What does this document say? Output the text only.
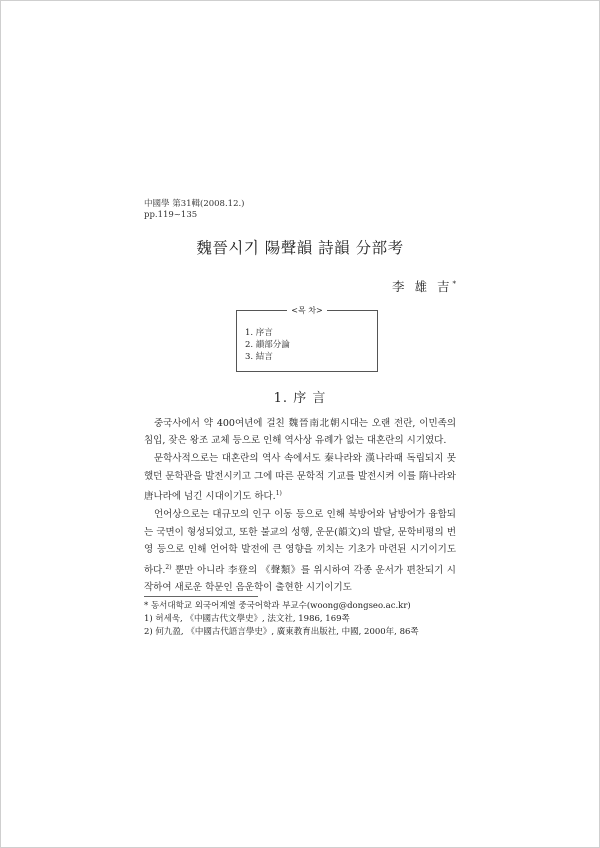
中國學 第31輯(2008.12.)
pp.119~135
魏晉시기 陽聲韻 詩韻 分部考
李 雄 吉*
<목 차>
1. 序言
2. 韻部分論
3. 結言
1. 序 言

중국사에서 약 400여년에 걸친 魏晉南北朝시대는 오랜 전란, 이민족의 침입, 잦은 왕조 교체 등으로 인해 역사상 유례가 없는 대혼란의 시기였다.

문학사적으로는 대혼란의 역사 속에서도 秦나라와 漢나라때 독립되지 못했던 문학관을 발전시키고 그에 따른 문학적 기교를 발전시켜 이를 隋나라와 唐나라에 넘긴 시대이기도 하다.$^{1)}$

언어상으로는 대규모의 인구 이동 등으로 인해 북방어와 남방어가 융합되는 국면이 형성되었고, 또한 불교의 성행, 운문(韻文)의 발달, 문학비평의 번영 등으로 인해 언어학 발전에 큰 영향을 끼치는 기초가 마련된 시기이기도 하다.$^{2)}$ 뿐만 아니라 李登의 《聲類》를 위시하여 각종 운서가 편찬되기 시작하여 새로운 학문인 음운학이 출현한 시기이기도

* 동서대학교 외국어계열 중국어학과 부교수(woong@dongseo.ac.kr)
1) 허세욱, 《中國古代文學史》, 法文社, 1986, 169쪽
2) 何九盈, 《中國古代語言學史》, 廣東教育出版社, 中國, 2000年, 86쪽
